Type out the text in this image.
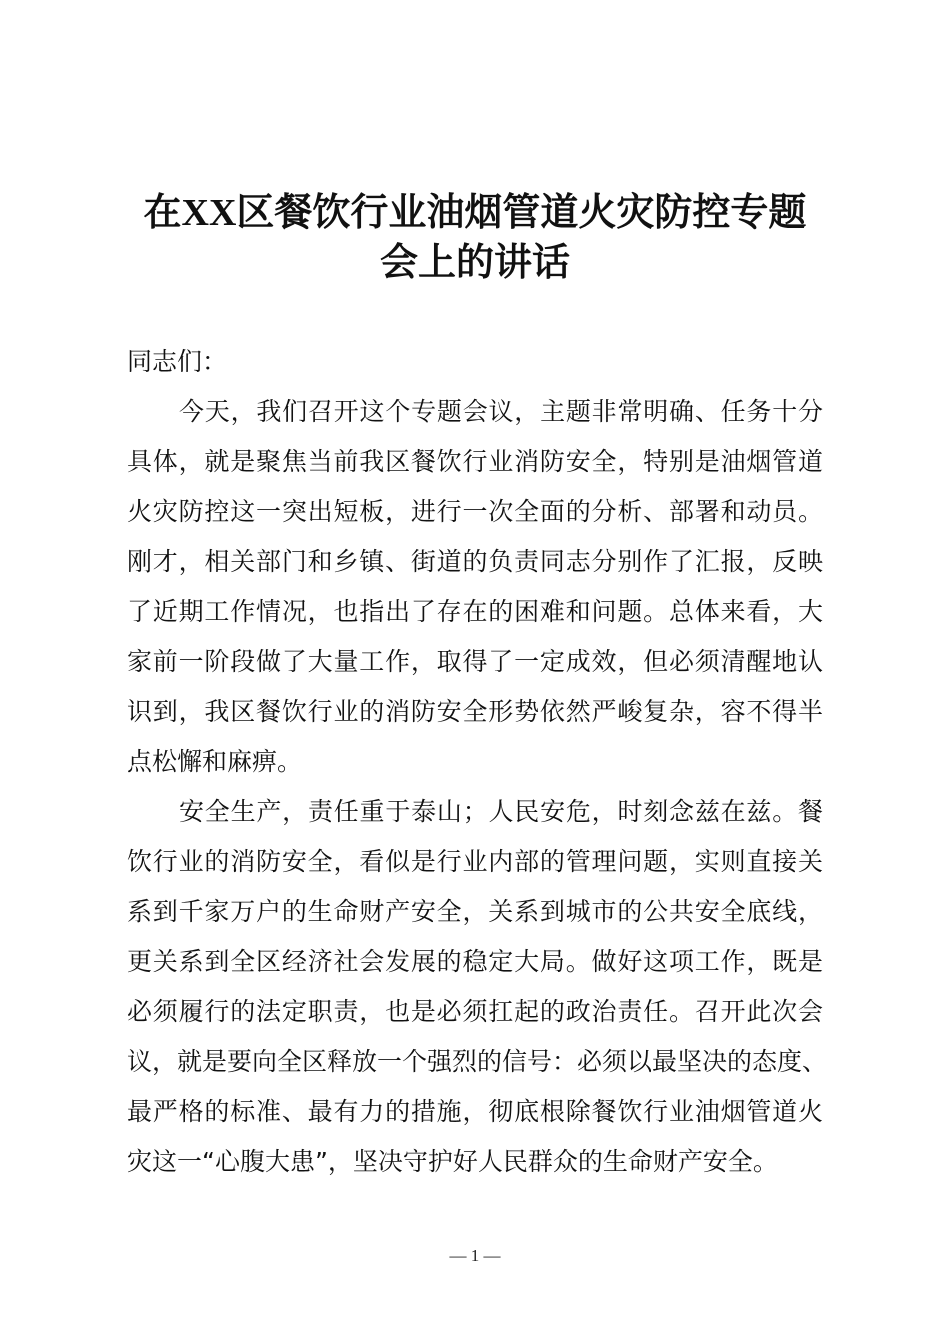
在XX区餐饮行业油烟管道火灾防控专题
会上的讲话
同志们：
今天，我们召开这个专题会议，主题非常明确、任务十分
具体，就是聚焦当前我区餐饮行业消防安全，特别是油烟管道
火灾防控这一突出短板，进行一次全面的分析、部署和动员。
刚才，相关部门和乡镇、街道的负责同志分别作了汇报，反映
了近期工作情况，也指出了存在的困难和问题。总体来看，大
家前一阶段做了大量工作，取得了一定成效，但必须清醒地认
识到，我区餐饮行业的消防安全形势依然严峻复杂，容不得半
点松懈和麻痹。
安全生产，责任重于泰山；人民安危，时刻念兹在兹。餐
饮行业的消防安全，看似是行业内部的管理问题，实则直接关
系到千家万户的生命财产安全，关系到城市的公共安全底线，
更关系到全区经济社会发展的稳定大局。做好这项工作，既是
必须履行的法定职责，也是必须扛起的政治责任。召开此次会
议，就是要向全区释放一个强烈的信号：必须以最坚决的态度、
最严格的标准、最有力的措施，彻底根除餐饮行业油烟管道火
灾这一“心腹大患”，坚决守护好人民群众的生命财产安全。
— 1 —
